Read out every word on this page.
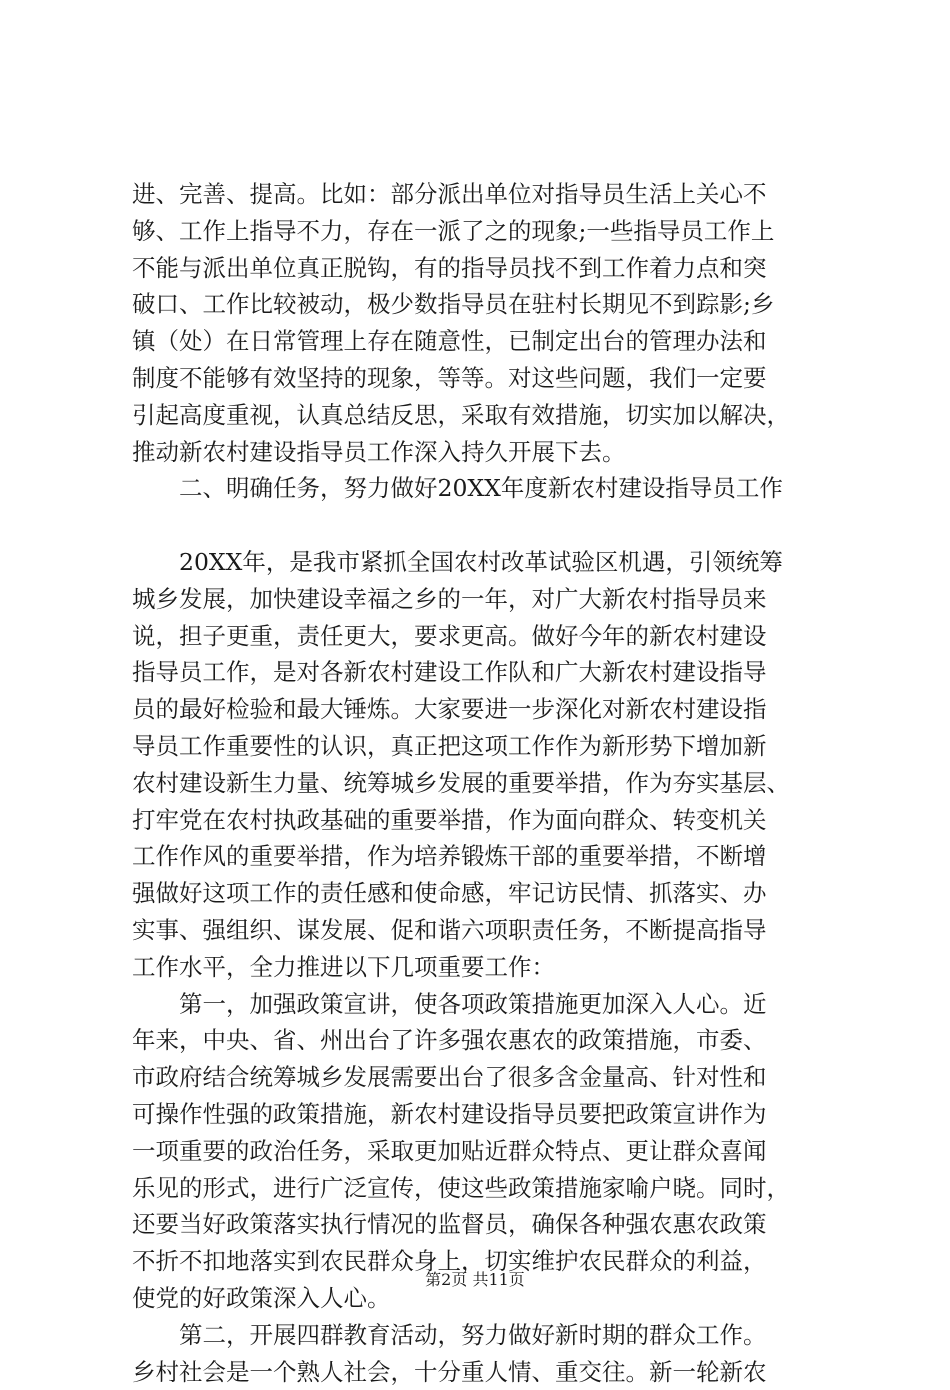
进、完善、提高。比如：部分派出单位对指导员生活上关心不
够、工作上指导不力，存在一派了之的现象;一些指导员工作上
不能与派出单位真正脱钩，有的指导员找不到工作着力点和突
破口、工作比较被动，极少数指导员在驻村长期见不到踪影;乡
镇（处）在日常管理上存在随意性，已制定出台的管理办法和
制度不能够有效坚持的现象，等等。对这些问题，我们一定要
引起高度重视，认真总结反思，采取有效措施，切实加以解决，
推动新农村建设指导员工作深入持久开展下去。
二、明确任务，努力做好20XX年度新农村建设指导员工作
20XX年，是我市紧抓全国农村改革试验区机遇，引领统筹
城乡发展，加快建设幸福之乡的一年，对广大新农村指导员来
说，担子更重，责任更大，要求更高。做好今年的新农村建设
指导员工作，是对各新农村建设工作队和广大新农村建设指导
员的最好检验和最大锤炼。大家要进一步深化对新农村建设指
导员工作重要性的认识，真正把这项工作作为新形势下增加新
农村建设新生力量、统筹城乡发展的重要举措，作为夯实基层、
打牢党在农村执政基础的重要举措，作为面向群众、转变机关
工作作风的重要举措，作为培养锻炼干部的重要举措，不断增
强做好这项工作的责任感和使命感，牢记访民情、抓落实、办
实事、强组织、谋发展、促和谐六项职责任务，不断提高指导
工作水平，全力推进以下几项重要工作：
第一，加强政策宣讲，使各项政策措施更加深入人心。近
年来，中央、省、州出台了许多强农惠农的政策措施，市委、
市政府结合统筹城乡发展需要出台了很多含金量高、针对性和
可操作性强的政策措施，新农村建设指导员要把政策宣讲作为
一项重要的政治任务，采取更加贴近群众特点、更让群众喜闻
乐见的形式，进行广泛宣传，使这些政策措施家喻户晓。同时，
还要当好政策落实执行情况的监督员，确保各种强农惠农政策
不折不扣地落实到农民群众身上，切实维护农民群众的利益，
使党的好政策深入人心。
第二，开展四群教育活动，努力做好新时期的群众工作。
乡村社会是一个熟人社会，十分重人情、重交往。新一轮新农
第2页 共11页
